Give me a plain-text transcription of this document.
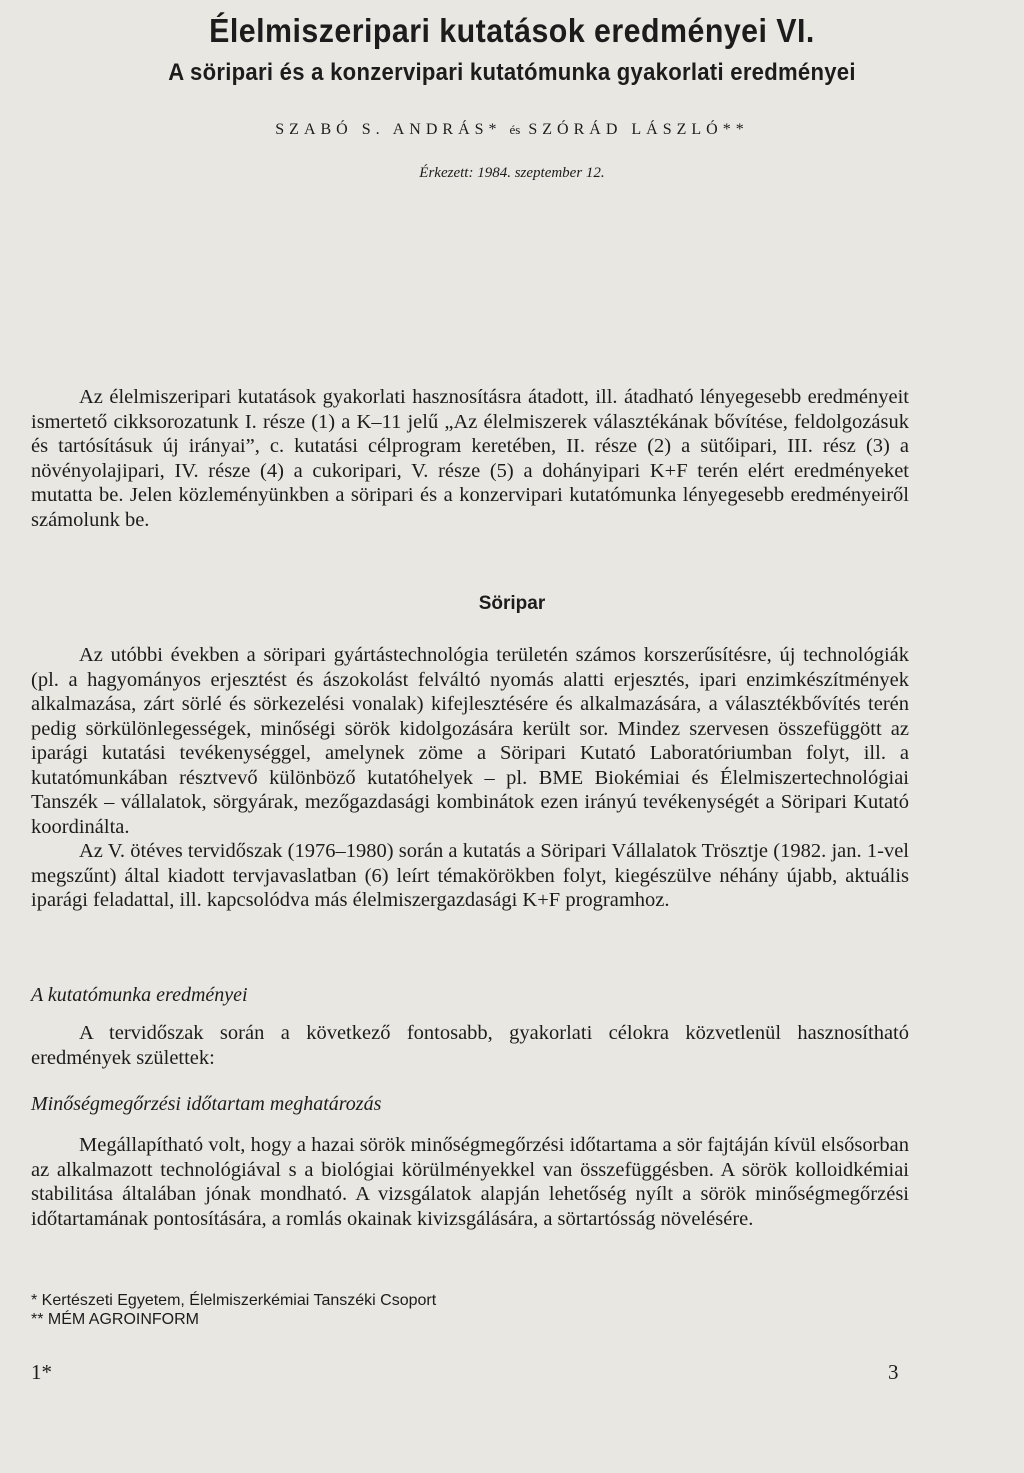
Élelmiszeripari kutatások eredményei VI.
A söripari és a konzervipari kutatómunka gyakorlati eredményei
SZABÓ S. ANDRÁS* és SZÓRÁD LÁSZLÓ**
Érkezett: 1984. szeptember 12.

Az élelmiszeripari kutatások gyakorlati hasznosításra átadott, ill. átadható lényegesebb eredményeit ismertető cikksorozatunk I. része (1) a K–11 jelű „Az élelmiszerek választékának bővítése, feldolgozásuk és tartósításuk új irányai”, c. kutatási célprogram keretében, II. része (2) a sütőipari, III. rész (3) a növényolajipari, IV. része (4) a cukoripari, V. része (5) a dohányipari K+F terén elért eredményeket mutatta be. Jelen közleményünkben a söripari és a konzervipari kutatómunka lényegesebb eredményeiről számolunk be.

Söripar

Az utóbbi években a söripari gyártástechnológia területén számos korszerűsítésre, új technológiák (pl. a hagyományos erjesztést és ászokolást felváltó nyomás alatti erjesztés, ipari enzimkészítmények alkalmazása, zárt sörlé és sörkezelési vonalak) kifejlesztésére és alkalmazására, a választékbővítés terén pedig sörkülönlegességek, minőségi sörök kidolgozására került sor. Mindez szervesen összefüggött az iparági kutatási tevékenységgel, amelynek zöme a Söripari Kutató Laboratóriumban folyt, ill. a kutatómunkában résztvevő különböző kutatóhelyek – pl. BME Biokémiai és Élelmiszertechnológiai Tanszék – vállalatok, sörgyárak, mezőgazdasági kombinátok ezen irányú tevékenységét a Söripari Kutató koordinálta.

Az V. ötéves tervidőszak (1976–1980) során a kutatás a Söripari Vállalatok Trösztje (1982. jan. 1-vel megszűnt) által kiadott tervjavaslatban (6) leírt témakörökben folyt, kiegészülve néhány újabb, aktuális iparági feladattal, ill. kapcsolódva más élelmiszergazdasági K+F programhoz.

A kutatómunka eredményei

A tervidőszak során a következő fontosabb, gyakorlati célokra közvetlenül hasznosítható eredmények születtek:

Minőségmegőrzési időtartam meghatározás

Megállapítható volt, hogy a hazai sörök minőségmegőrzési időtartama a sör fajtáján kívül elsősorban az alkalmazott technológiával s a biológiai körülményekkel van összefüggésben. A sörök kolloidkémiai stabilitása általában jónak mondható. A vizsgálatok alapján lehetőség nyílt a sörök minőségmegőrzési időtartamának pontosítására, a romlás okainak kivizsgálására, a sörtartósság növelésére.

* Kertészeti Egyetem, Élelmiszerkémiai Tanszéki Csoport
** MÉM AGROINFORM
1*	3
